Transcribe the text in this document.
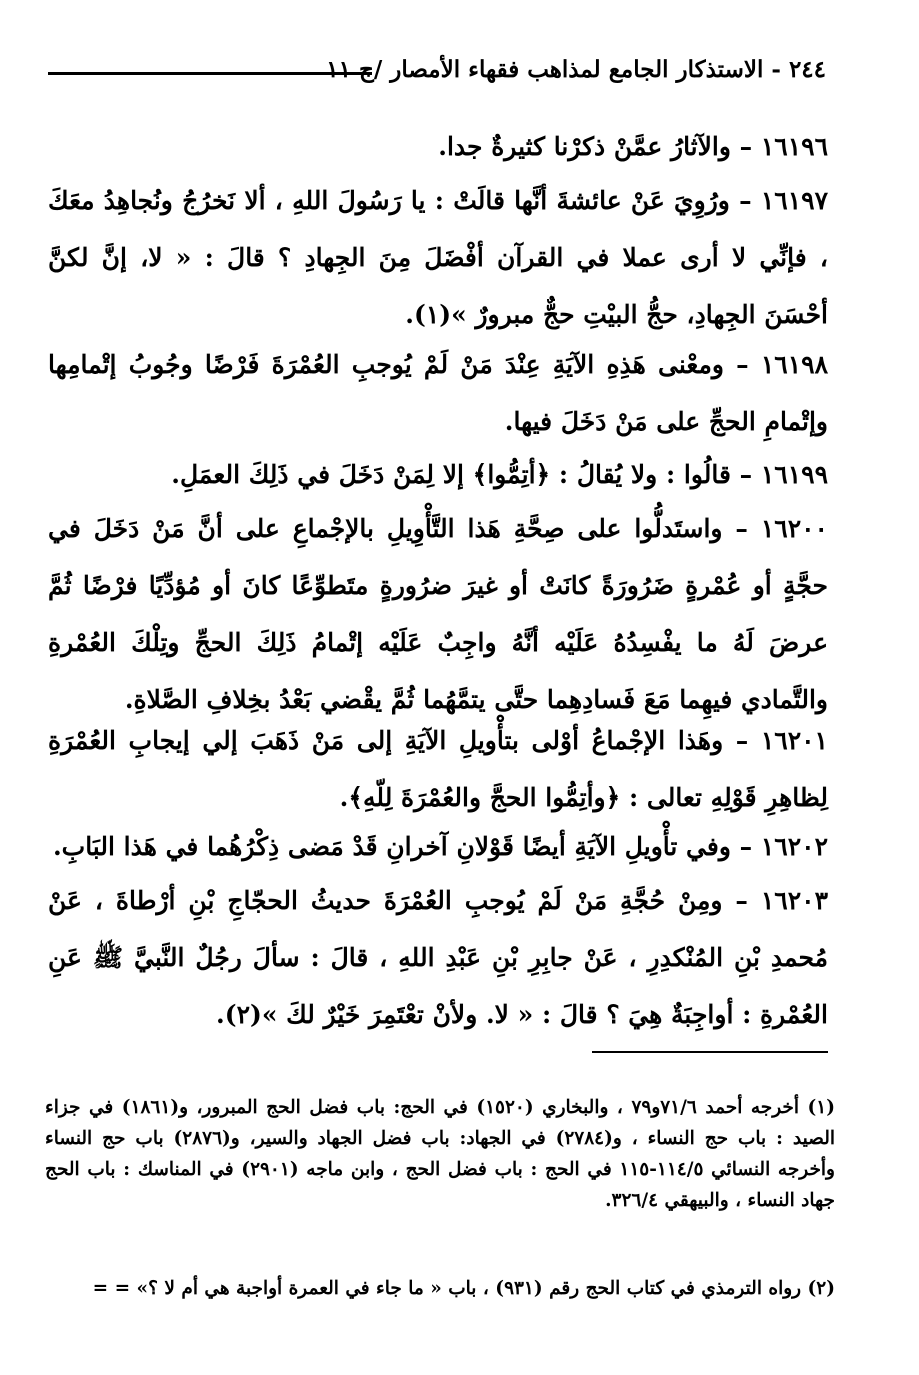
٢٤٤ - الاستذكار الجامع لمذاهب فقهاء الأمصار /ج ١١

١٦١٩٦ – والآثارُ عمَّنْ ذكرْنا كثيرةٌ جدا.

١٦١٩٧ – ورُوِيَ عَنْ عائشةَ أنَّها قالَتْ : يا رَسُولَ اللهِ ، ألا نَخرُجُ ونُجاهِدُ معَكَ ، فإنِّي لا أرى عملا في القرآن أفْضَلَ مِنَ الجِهادِ ؟ قالَ : « لا، إنَّ لكنَّ أحْسَنَ الجِهادِ، حجُّ البيْتِ حجٌّ مبرورٌ »(١).

١٦١٩٨ – ومعْنى هَذِهِ الآيَةِ عِنْدَ مَنْ لَمْ يُوجبِ العُمْرَةَ فَرْضًا وجُوبُ إتْمامِها وإتْمامِ الحجِّ على مَنْ دَخَلَ فيها.

١٦١٩٩ – قالُوا : ولا يُقالُ : ﴿أتِمُّوا﴾ إلا لِمَنْ دَخَلَ في ذَلِكَ العمَلِ.

١٦٢٠٠ – واستَدلُّوا على صِحَّةِ هَذا التَّأْوِيلِ بالإجْماعِ على أنَّ مَنْ دَخَلَ في حجَّةٍ أو عُمْرةٍ ضَرُورَةً كانَتْ أو غيرَ ضرُورةٍ متَطوِّعًا كانَ أو مُؤدِّيًا فرْضًا ثُمَّ عرضَ لَهُ ما يفْسِدُهُ عَلَيْه أنَّهُ واجِبٌ عَلَيْه إتْمامُ ذَلِكَ الحجِّ وتِلْكَ العُمْرةِ والتَّمادي فيهِما مَعَ فَسادِهِما حتَّى يتمَّهُما ثُمَّ يقْضي بَعْدُ بخِلافِ الصَّلاةِ.

١٦٢٠١ – وهَذا الإجْماعُ أوْلى بتأْويلِ الآيَةِ إلى مَنْ ذَهَبَ إلي إيجابِ العُمْرَةِ لِظاهِرِ قَوْلِهِ تعالى : ﴿وأتِمُّوا الحجَّ والعُمْرَةَ لِلّهِ﴾.

١٦٢٠٢ – وفي تأْويلِ الآيَةِ أيضًا قَوْلانِ آخرانِ قَدْ مَضى ذِكْرُهُما في هَذا البَابِ.

١٦٢٠٣ – ومِنْ حُجَّةِ مَنْ لَمْ يُوجبِ العُمْرَةَ حديثُ الحجّاجِ بْنِ أرْطاةَ ، عَنْ مُحمدِ بْنِ المُنْكدِرِ ، عَنْ جابِرِ بْنِ عَبْدِ اللهِ ، قالَ : سألَ رجُلٌ النَّبيَّ ﷺ عَنِ العُمْرةِ : أواجِبَةٌ هِيَ ؟ قالَ : « لا. ولأنْ تعْتَمِرَ خَيْرٌ لكَ »(٢).

(١) أخرجه أحمد ٧١/٦و٧٩ ، والبخاري (١٥٢٠) في الحج: باب فضل الحج المبرور، و(١٨٦١) في جزاء الصيد : باب حج النساء ، و(٢٧٨٤) في الجهاد: باب فضل الجهاد والسير، و(٢٨٧٦) باب حج النساء وأخرجه النسائي ١١٤/٥-١١٥ في الحج : باب فضل الحج ، وابن ماجه (٢٩٠١) في المناسك : باب الحج جهاد النساء ، والبيهقي ٣٢٦/٤.

(٢) رواه الترمذي في كتاب الحج رقم (٩٣١) ، باب « ما جاء في العمرة أواجبة هي أم لا ؟» = =
